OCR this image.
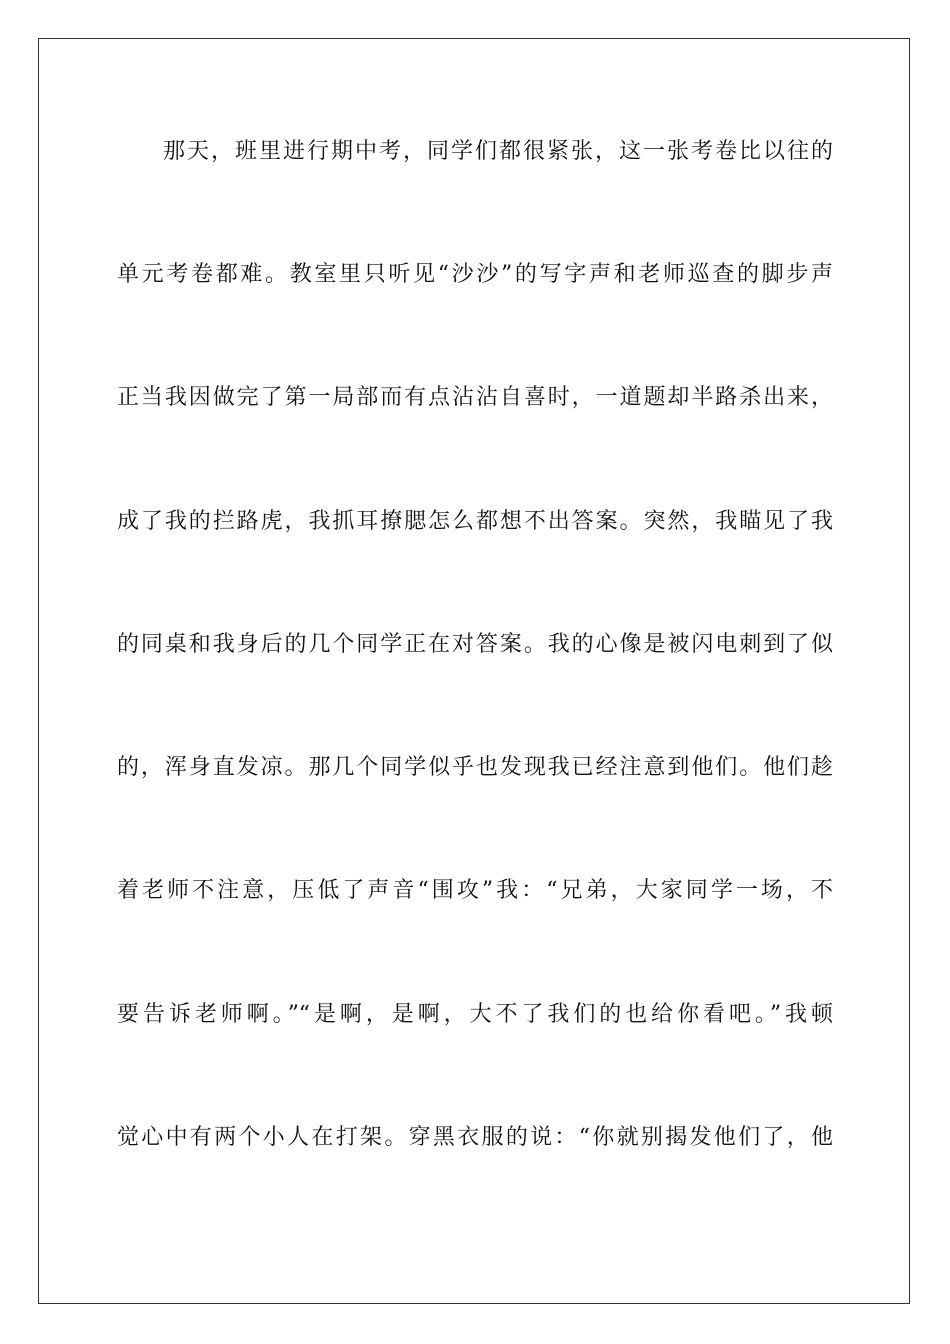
那天，班里进行期中考，同学们都很紧张，这一张考卷比以往的
单元考卷都难。教室里只听见“沙沙”的写字声和老师巡查的脚步声
正当我因做完了第一局部而有点沾沾自喜时，一道题却半路杀出来，
成了我的拦路虎，我抓耳撩腮怎么都想不出答案。突然，我瞄见了我
的同桌和我身后的几个同学正在对答案。我的心像是被闪电刺到了似
的，浑身直发凉。那几个同学似乎也发现我已经注意到他们。他们趁
着老师不注意，压低了声音“围攻”我：“兄弟，大家同学一场，不
要告诉老师啊。”“是啊，是啊，大不了我们的也给你看吧。”我顿
觉心中有两个小人在打架。穿黑衣服的说：“你就别揭发他们了，他
